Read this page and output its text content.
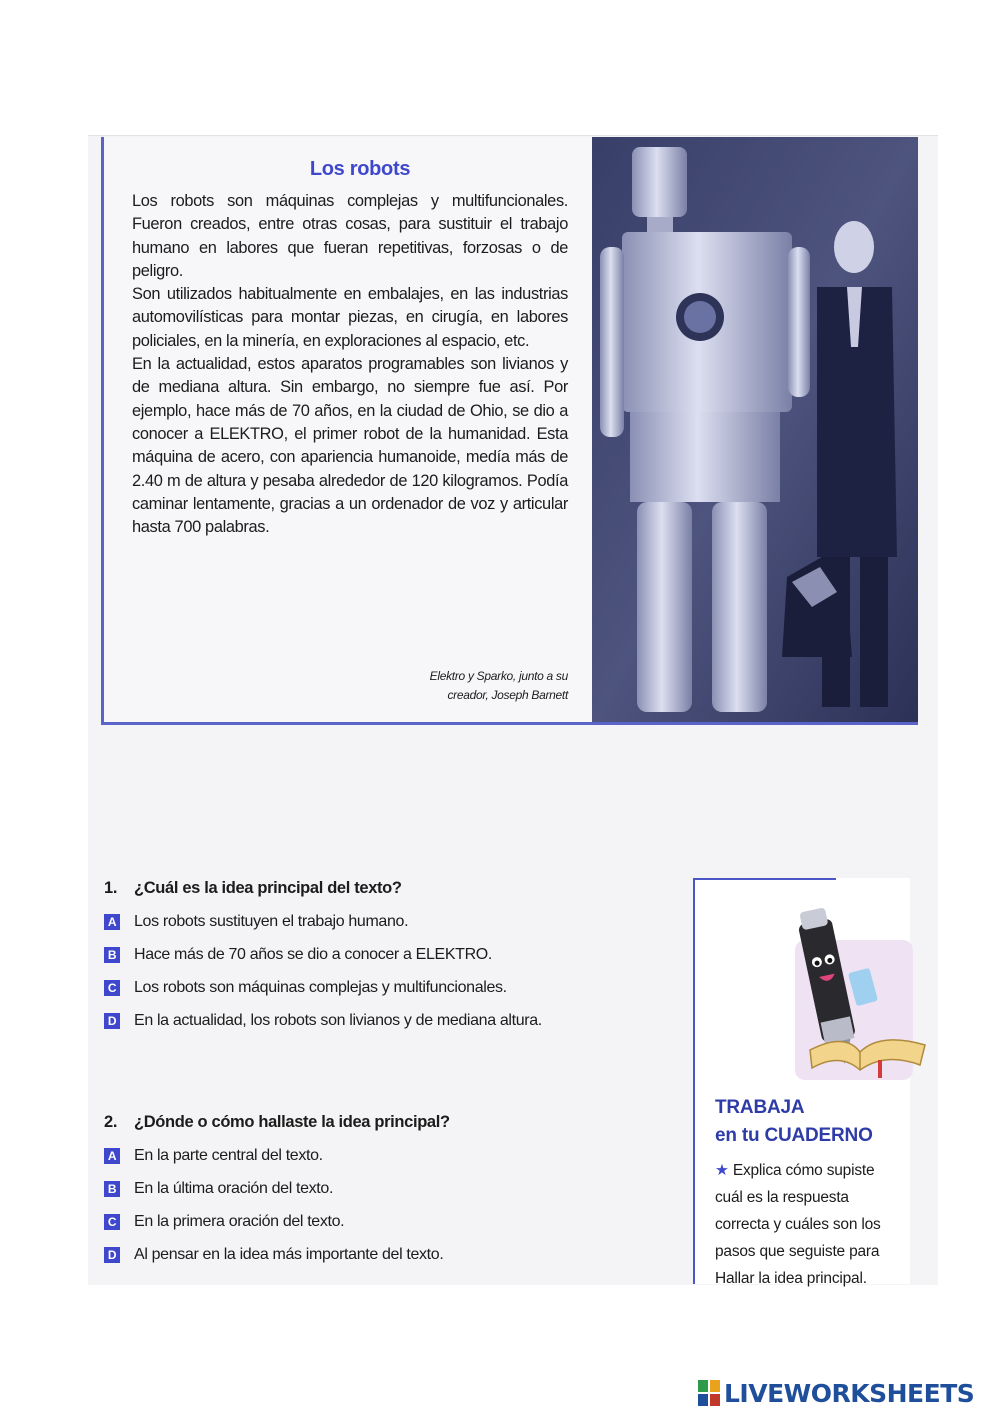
Los robots

Los robots son máquinas complejas y multifuncionales. Fueron creados, entre otras cosas, para sustituir el trabajo humano en labores que fueran repetitivas, forzosas o de peligro.

Son utilizados habitualmente en embalajes, en las industrias automovilísticas para montar piezas, en cirugía, en labores policiales, en la minería, en exploraciones al espacio, etc.

En la actualidad, estos aparatos programables son livianos y de mediana altura. Sin embargo, no siempre fue así. Por ejemplo, hace más de 70 años, en la ciudad de Ohio, se dio a conocer a ELEKTRO, el primer robot de la humanidad. Esta máquina de acero, con apariencia humanoide, medía más de 2.40 m de altura y pesaba alrededor de 120 kilogramos. Podía caminar lentamente, gracias a un ordenador de voz y articular hasta 700 palabras.

Elektro y Sparko, junto a su
creador, Joseph Barnett
1. ¿Cuál es la idea principal del texto?
A Los robots sustituyen el trabajo humano.
B Hace más de 70 años se dio a conocer a ELEKTRO.
C Los robots son máquinas complejas y multifuncionales.
D En la actualidad, los robots son livianos y de mediana altura.
2. ¿Dónde o cómo hallaste la idea principal?
A En la parte central del texto.
B En la última oración del texto.
C En la primera oración del texto.
D Al pensar en la idea más importante del texto.
TRABAJA
en tu CUADERNO
★ Explica cómo supiste cuál es la respuesta correcta y cuáles son los pasos que seguiste para Hallar la idea principal.
LIVEWORKSHEETS
